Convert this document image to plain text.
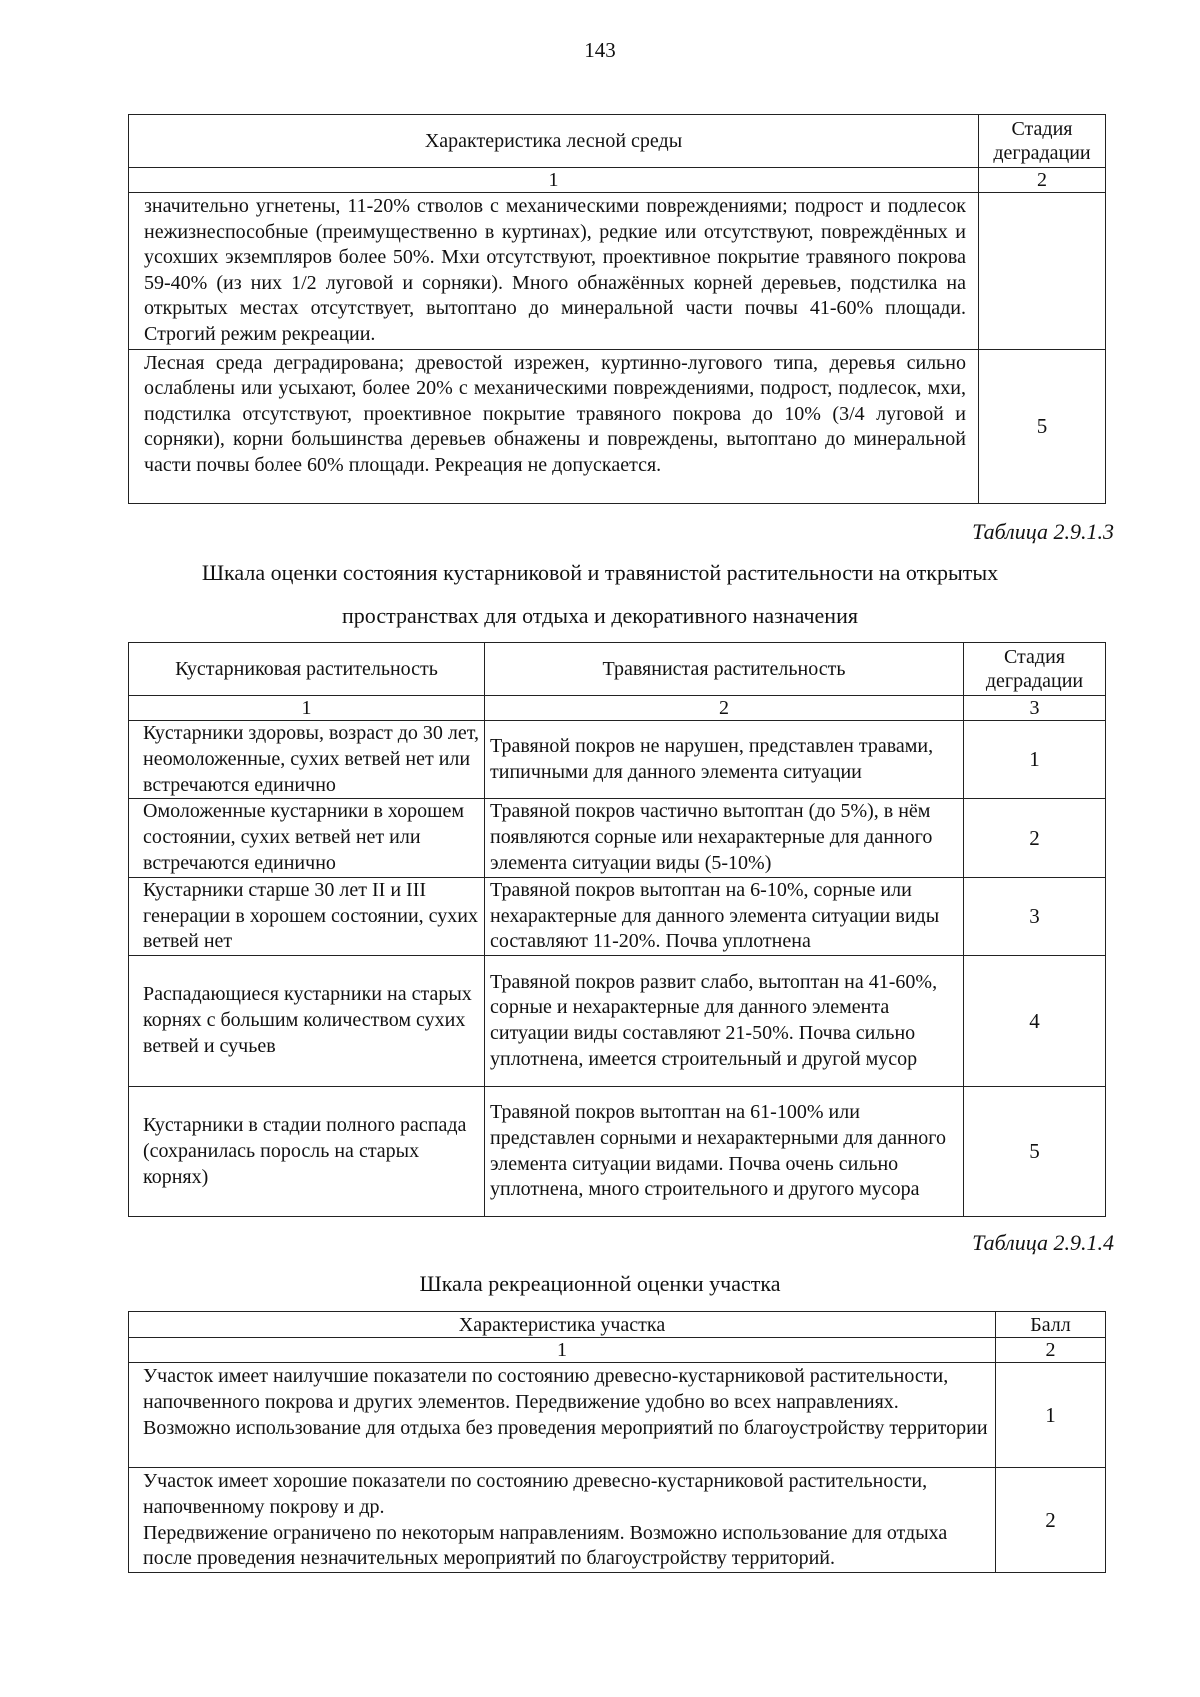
143
Характеристика лесной среды	Стадия деградации
1	2
значительно угнетены, 11-20% стволов с механическими повреждениями; подрост и подлесок нежизнеспособные (преимущественно в куртинах), редкие или отсутствуют, повреждённых и усохших экземпляров более 50%. Мхи отсутствуют, проективное покрытие травяного покрова 59-40% (из них 1/2 луговой и сорняки). Много обнажённых корней деревьев, подстилка на открытых местах отсутствует, вытоптано до минеральной части почвы 41-60% площади. Строгий режим рекреации.	
Лесная среда деградирована; древостой изрежен, куртинно-лугового типа, деревья сильно ослаблены или усыхают, более 20% с механическими повреждениями, подрост, подлесок, мхи, подстилка отсутствуют, проективное покрытие травяного покрова до 10% (3/4 луговой и сорняки), корни большинства деревьев обнажены и повреждены, вытоптано до минеральной части почвы более 60% площади. Рекреация не допускается.	5
Таблица 2.9.1.3
Шкала оценки состояния кустарниковой и травянистой растительности на открытых
пространствах для отдыха и декоративного назначения
Кустарниковая растительность	Травянистая растительность	Стадия деградации
1	2	3
Кустарники здоровы, возраст до 30 лет, неомоложенные, сухих ветвей нет или встречаются единично	Травяной покров не нарушен, представлен травами, типичными для данного элемента ситуации	1
Омоложенные кустарники в хорошем состоянии, сухих ветвей нет или встречаются единично	Травяной покров частично вытоптан (до 5%), в нём появляются сорные или нехарактерные для данного элемента ситуации виды (5-10%)	2
Кустарники старше 30 лет II и III генерации в хорошем состоянии, сухих ветвей нет	Травяной покров вытоптан на 6-10%, сорные или нехарактерные для данного элемента ситуации виды составляют 11-20%. Почва уплотнена	3
Распадающиеся кустарники на старых корнях с большим количеством сухих ветвей и сучьев	Травяной покров развит слабо, вытоптан на 41-60%, сорные и нехарактерные для данного элемента ситуации виды составляют 21-50%. Почва сильно уплотнена, имеется строительный и другой мусор	4
Кустарники в стадии полного распада (сохранилась поросль на старых корнях)	Травяной покров вытоптан на 61-100% или представлен сорными и нехарактерными для данного элемента ситуации видами. Почва очень сильно уплотнена, много строительного и другого мусора	5
Таблица 2.9.1.4
Шкала рекреационной оценки участка
Характеристика участка	Балл
1	2
Участок имеет наилучшие показатели по состоянию древесно-кустарниковой растительности, напочвенного покрова и других элементов. Передвижение удобно во всех направлениях. Возможно использование для отдыха без проведения мероприятий по благоустройству территории	1

Участок имеет хорошие показатели по состоянию древесно-кустарниковой растительности, напочвенному покрову и др.
Передвижение ограничено по некоторым направлениям. Возможно использование для отдыха после проведения незначительных мероприятий по благоустройству территорий.	2
